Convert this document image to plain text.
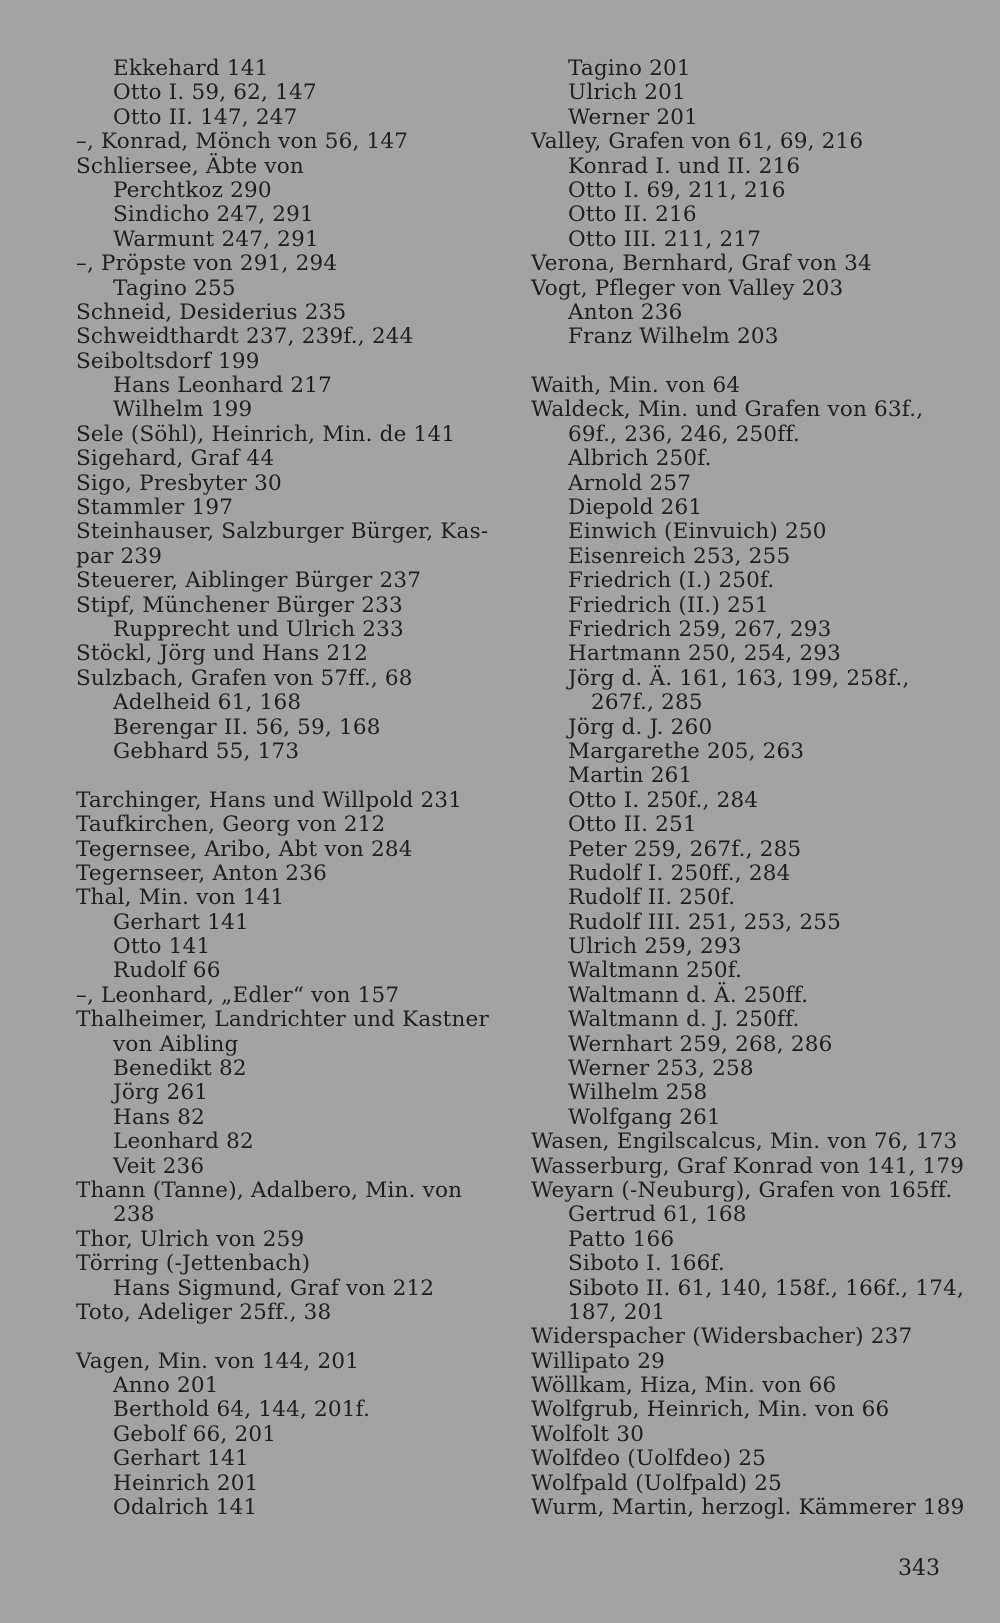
Ekkehard 141
Otto I. 59, 62, 147
Otto II. 147, 247
–, Konrad, Mönch von 56, 147
Schliersee, Äbte von
Perchtkoz 290
Sindicho 247, 291
Warmunt 247, 291
–, Pröpste von 291, 294
Tagino 255
Schneid, Desiderius 235
Schweidthardt 237, 239f., 244
Seiboltsdorf 199
Hans Leonhard 217
Wilhelm 199
Sele (Söhl), Heinrich, Min. de 141
Sigehard, Graf 44
Sigo, Presbyter 30
Stammler 197
Steinhauser, Salzburger Bürger, Kas-
par 239
Steuerer, Aiblinger Bürger 237
Stipf, Münchener Bürger 233
Rupprecht und Ulrich 233
Stöckl, Jörg und Hans 212
Sulzbach, Grafen von 57ff., 68
Adelheid 61, 168
Berengar II. 56, 59, 168
Gebhard 55, 173
Tarchinger, Hans und Willpold 231
Taufkirchen, Georg von 212
Tegernsee, Aribo, Abt von 284
Tegernseer, Anton 236
Thal, Min. von 141
Gerhart 141
Otto 141
Rudolf 66
–, Leonhard, „Edler“ von 157
Thalheimer, Landrichter und Kastner
von Aibling
Benedikt 82
Jörg 261
Hans 82
Leonhard 82
Veit 236
Thann (Tanne), Adalbero, Min. von
238
Thor, Ulrich von 259
Törring (-Jettenbach)
Hans Sigmund, Graf von 212
Toto, Adeliger 25ff., 38
Vagen, Min. von 144, 201
Anno 201
Berthold 64, 144, 201f.
Gebolf 66, 201
Gerhart 141
Heinrich 201
Odalrich 141
Tagino 201
Ulrich 201
Werner 201
Valley, Grafen von 61, 69, 216
Konrad I. und II. 216
Otto I. 69, 211, 216
Otto II. 216
Otto III. 211, 217
Verona, Bernhard, Graf von 34
Vogt, Pfleger von Valley 203
Anton 236
Franz Wilhelm 203
Waith, Min. von 64
Waldeck, Min. und Grafen von 63f.,
69f., 236, 246, 250ff.
Albrich 250f.
Arnold 257
Diepold 261
Einwich (Einvuich) 250
Eisenreich 253, 255
Friedrich (I.) 250f.
Friedrich (II.) 251
Friedrich 259, 267, 293
Hartmann 250, 254, 293
Jörg d. Ä. 161, 163, 199, 258f.,
267f., 285
Jörg d. J. 260
Margarethe 205, 263
Martin 261
Otto I. 250f., 284
Otto II. 251
Peter 259, 267f., 285
Rudolf I. 250ff., 284
Rudolf II. 250f.
Rudolf III. 251, 253, 255
Ulrich 259, 293
Waltmann 250f.
Waltmann d. Ä. 250ff.
Waltmann d. J. 250ff.
Wernhart 259, 268, 286
Werner 253, 258
Wilhelm 258
Wolfgang 261
Wasen, Engilscalcus, Min. von 76, 173
Wasserburg, Graf Konrad von 141, 179
Weyarn (-Neuburg), Grafen von 165ff.
Gertrud 61, 168
Patto 166
Siboto I. 166f.
Siboto II. 61, 140, 158f., 166f., 174,
187, 201
Widerspacher (Widersbacher) 237
Willipato 29
Wöllkam, Hiza, Min. von 66
Wolfgrub, Heinrich, Min. von 66
Wolfolt 30
Wolfdeo (Uolfdeo) 25
Wolfpald (Uolfpald) 25
Wurm, Martin, herzogl. Kämmerer 189
343
